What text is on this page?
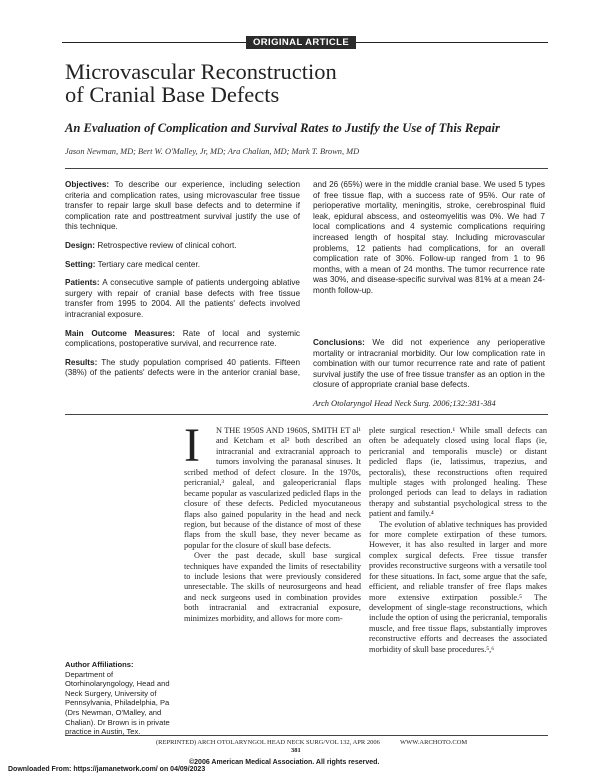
ORIGINAL ARTICLE
Microvascular Reconstruction
of Cranial Base Defects
An Evaluation of Complication and Survival Rates to Justify the Use of This Repair
Jason Newman, MD; Bert W. O'Malley, Jr, MD; Ara Chalian, MD; Mark T. Brown, MD

Objectives: To describe our experience, including selection criteria and complication rates, using microvascular free tissue transfer to repair large skull base defects and to determine if complication rate and posttreatment survival justify the use of this technique.

Design: Retrospective review of clinical cohort.

Setting: Tertiary care medical center.

Patients: A consecutive sample of patients undergoing ablative surgery with repair of cranial base defects with free tissue transfer from 1995 to 2004. All the patients' defects involved intracranial exposure.

Main Outcome Measures: Rate of local and systemic complications, postoperative survival, and recurrence rate.

Results: The study population comprised 40 patients. Fifteen (38%) of the patients' defects were in the anterior cranial base,

and 26 (65%) were in the middle cranial base. We used 5 types of free tissue flap, with a success rate of 95%. Our rate of perioperative mortality, meningitis, stroke, cerebrospinal fluid leak, epidural abscess, and osteomyelitis was 0%. We had 7 local complications and 4 systemic complications requiring increased length of hospital stay. Including microvascular problems, 12 patients had complications, for an overall complication rate of 30%. Follow-up ranged from 1 to 96 months, with a mean of 24 months. The tumor recurrence rate was 30%, and disease-specific survival was 81% at a mean 24-month follow-up.

Conclusions: We did not experience any perioperative mortality or intracranial morbidity. Our low complication rate in combination with our tumor recurrence rate and rate of patient survival justify the use of free tissue transfer as an option in the closure of appropriate cranial base defects.

Arch Otolaryngol Head Neck Surg. 2006;132:381-384

I N THE 1950S AND 1960S, SMITH ET al¹ and Ketcham et al² both described an intracranial and extracranial approach to tumors involving the paranasal sinuses. It

scribed method of defect closure. In the 1970s, pericranial,³ galeal, and galeopericranial flaps became popular as vascularized pedicled flaps in the closure of these defects. Pedicled myocutaneous flaps also gained popularity in the head and neck region, but because of the distance of most of these flaps from the skull base, they never became as popular for the closure of skull base defects.

Over the past decade, skull base surgical techniques have expanded the limits of resectability to include lesions that were previously considered unresectable. The skills of neurosurgeons and head and neck surgeons used in combination provides both intracranial and extracranial exposure, minimizes morbidity, and allows for more com-

plete surgical resection.¹ While small defects can often be adequately closed using local flaps (ie, pericranial and temporalis muscle) or distant pedicled flaps (ie, latissimus, trapezius, and pectoralis), these reconstructions often required multiple stages with prolonged healing. These prolonged periods can lead to delays in radiation therapy and substantial psychological stress to the patient and family.⁴

The evolution of ablative techniques has provided for more complete extirpation of these tumors. However, it has also resulted in larger and more complex surgical defects. Free tissue transfer provides reconstructive surgeons with a versatile tool for these situations. In fact, some argue that the safe, efficient, and reliable transfer of free flaps makes more extensive extirpation possible.⁵ The development of single-stage reconstructions, which include the option of using the pericranial, temporalis muscle, and free tissue flaps, substantially improves reconstructive efforts and decreases the associated morbidity of skull base procedures.⁵,⁶

Author Affiliations:
Department of Otorhinolaryngology, Head and Neck Surgery, University of Pennsylvania, Philadelphia, Pa (Drs Newman, O'Malley, and Chalian). Dr Brown is in private practice in Austin, Tex.
(REPRINTED) ARCH OTOLARYNGOL HEAD NECK SURG/VOL 132, APR 2006	WWW.ARCHOTO.COM
381
©2006 American Medical Association. All rights reserved.
Downloaded From: https://jamanetwork.com/ on 04/09/2023
